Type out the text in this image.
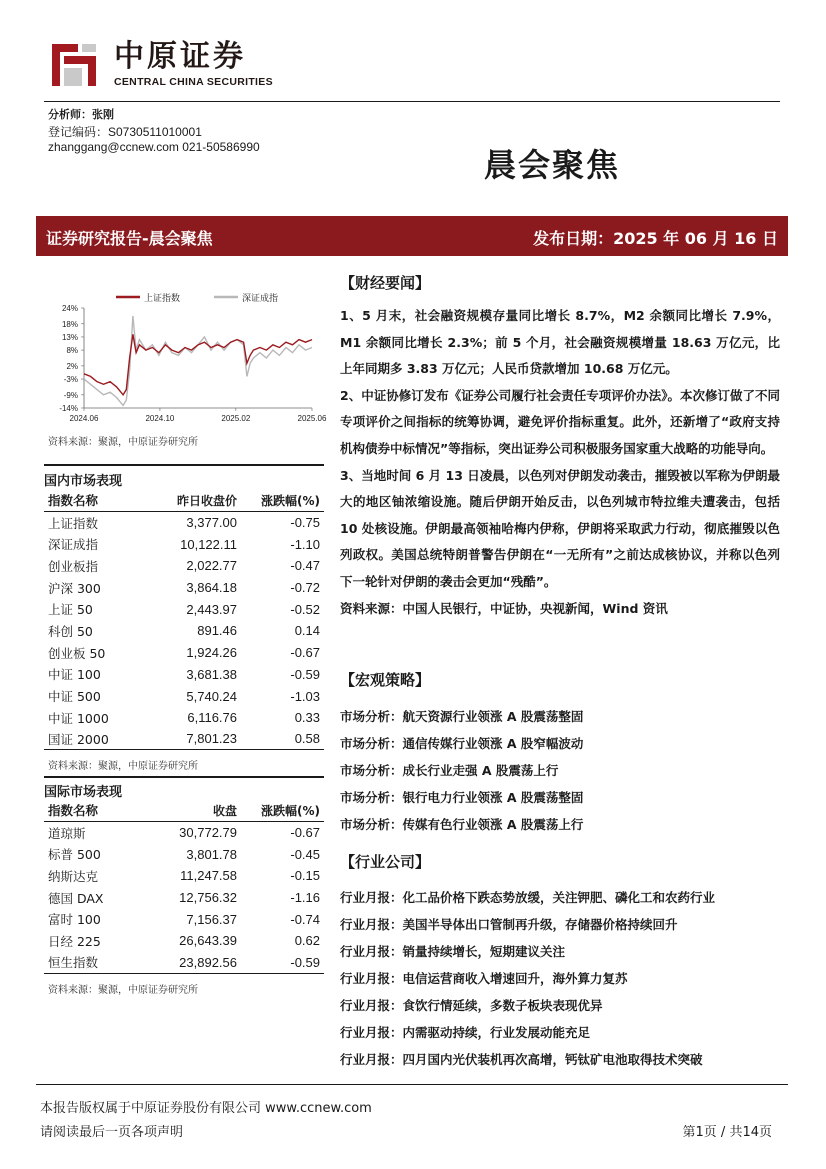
中原证券
CENTRAL CHINA SECURITIES
分析师：张刚
登记编码：S0730511010001
zhanggang@ccnew.com 021-50586990	晨会聚焦
证券研究报告-晨会聚焦	发布日期：2025 年 06 月 16 日
24%
18%
13%
8%
2%
-3%
-9%
-14%
2024.06	2024.10	2025.02	2025.06
上证指数	深证成指
资料来源：聚源，中原证券研究所
国内市场表现
指数名称	昨日收盘价	涨跌幅(%)
上证指数	3,377.00	-0.75
深证成指	10,122.11	-1.10
创业板指	2,022.77	-0.47
沪深 300	3,864.18	-0.72
上证 50	2,443.97	-0.52
科创 50	891.46	0.14
创业板 50	1,924.26	-0.67
中证 100	3,681.38	-0.59
中证 500	5,740.24	-1.03
中证 1000	6,116.76	0.33
国证 2000	7,801.23	0.58
资料来源：聚源，中原证券研究所
国际市场表现
指数名称	收盘	涨跌幅(%)
道琼斯	30,772.79	-0.67
标普 500	3,801.78	-0.45
纳斯达克	11,247.58	-0.15
德国 DAX	12,756.32	-1.16
富时 100	7,156.37	-0.74
日经 225	26,643.39	0.62
恒生指数	23,892.56	-0.59
资料来源：聚源，中原证券研究所
【财经要闻】

1、5 月末，社会融资规模存量同比增长 8.7%，M2 余额同比增长 7.9%，M1 余额同比增长 2.3%；前 5 个月，社会融资规模增量 18.63 万亿元，比上年同期多 3.83 万亿元；人民币贷款增加 10.68 万亿元。

2、中证协修订发布《证券公司履行社会责任专项评价办法》。本次修订做了不同专项评价之间指标的统筹协调，避免评价指标重复。此外，还新增了“政府支持机构债券中标情况”等指标，突出证券公司积极服务国家重大战略的功能导向。

3、当地时间 6 月 13 日凌晨，以色列对伊朗发动袭击，摧毁被以军称为伊朗最大的地区铀浓缩设施。随后伊朗开始反击，以色列城市特拉维夫遭袭击，包括 10 处核设施。伊朗最高领袖哈梅内伊称，伊朗将采取武力行动，彻底摧毁以色列政权。美国总统特朗普警告伊朗在“一无所有”之前达成核协议，并称以色列下一轮针对伊朗的袭击会更加“残酷”。

资料来源：中国人民银行，中证协，央视新闻，Wind 资讯

【宏观策略】
市场分析：航天资源行业领涨 A 股震荡整固
市场分析：通信传媒行业领涨 A 股窄幅波动
市场分析：成长行业走强 A 股震荡上行
市场分析：银行电力行业领涨 A 股震荡整固
市场分析：传媒有色行业领涨 A 股震荡上行
【行业公司】
行业月报：化工品价格下跌态势放缓，关注钾肥、磷化工和农药行业
行业月报：美国半导体出口管制再升级，存储器价格持续回升
行业月报：销量持续增长，短期建议关注
行业月报：电信运营商收入增速回升，海外算力复苏
行业月报：食饮行情延续，多数子板块表现优异
行业月报：内需驱动持续，行业发展动能充足
行业月报：四月国内光伏装机再次高增，钙钛矿电池取得技术突破
本报告版权属于中原证券股份有限公司 www.ccnew.com
请阅读最后一页各项声明	第1页 / 共14页
